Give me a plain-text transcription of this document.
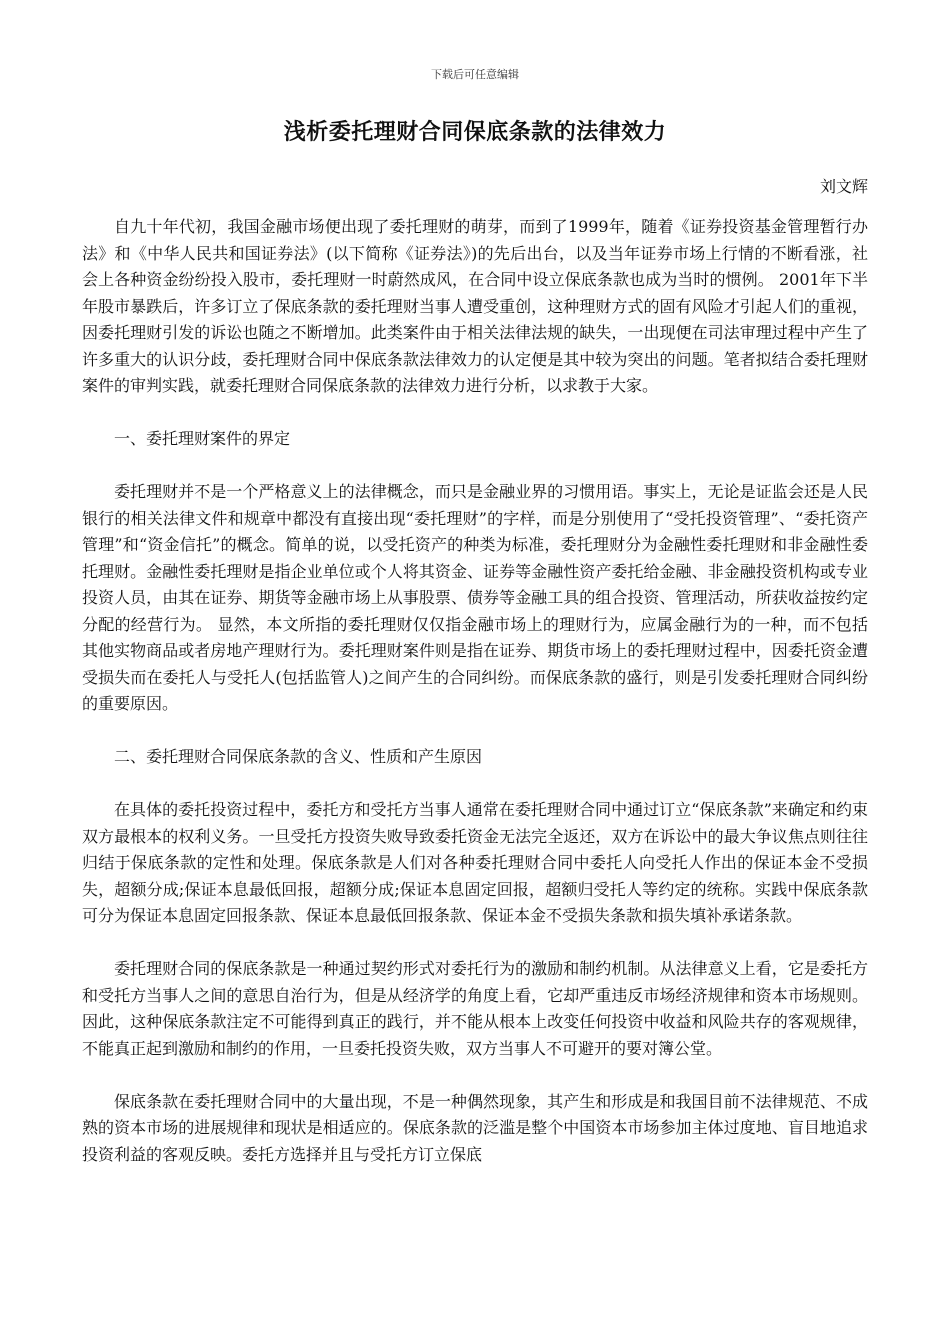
下载后可任意编辑
浅析委托理财合同保底条款的法律效力
刘文辉

自九十年代初，我国金融市场便出现了委托理财的萌芽，而到了1999年，随着《证券投资基金管理暂行办法》和《中华人民共和国证券法》(以下简称《证券法》)的先后出台，以及当年证券市场上行情的不断看涨，社会上各种资金纷纷投入股市，委托理财一时蔚然成风，在合同中设立保底条款也成为当时的惯例。 2001年下半年股市暴跌后，许多订立了保底条款的委托理财当事人遭受重创，这种理财方式的固有风险才引起人们的重视，因委托理财引发的诉讼也随之不断增加。此类案件由于相关法律法规的缺失，一出现便在司法审理过程中产生了许多重大的认识分歧，委托理财合同中保底条款法律效力的认定便是其中较为突出的问题。笔者拟结合委托理财案件的审判实践，就委托理财合同保底条款的法律效力进行分析，以求教于大家。

一、委托理财案件的界定

委托理财并不是一个严格意义上的法律概念，而只是金融业界的习惯用语。事实上，无论是证监会还是人民银行的相关法律文件和规章中都没有直接出现“委托理财”的字样，而是分别使用了“受托投资管理”、“委托资产管理”和“资金信托”的概念。简单的说，以受托资产的种类为标准，委托理财分为金融性委托理财和非金融性委托理财。金融性委托理财是指企业单位或个人将其资金、证券等金融性资产委托给金融、非金融投资机构或专业投资人员，由其在证券、期货等金融市场上从事股票、债券等金融工具的组合投资、管理活动，所获收益按约定分配的经营行为。 显然，本文所指的委托理财仅仅指金融市场上的理财行为，应属金融行为的一种，而不包括其他实物商品或者房地产理财行为。委托理财案件则是指在证券、期货市场上的委托理财过程中，因委托资金遭受损失而在委托人与受托人(包括监管人)之间产生的合同纠纷。而保底条款的盛行，则是引发委托理财合同纠纷的重要原因。

二、委托理财合同保底条款的含义、性质和产生原因

在具体的委托投资过程中，委托方和受托方当事人通常在委托理财合同中通过订立“保底条款”来确定和约束双方最根本的权利义务。一旦受托方投资失败导致委托资金无法完全返还，双方在诉讼中的最大争议焦点则往往归结于保底条款的定性和处理。保底条款是人们对各种委托理财合同中委托人向受托人作出的保证本金不受损失，超额分成;保证本息最低回报，超额分成;保证本息固定回报，超额归受托人等约定的统称。实践中保底条款可分为保证本息固定回报条款、保证本息最低回报条款、保证本金不受损失条款和损失填补承诺条款。

委托理财合同的保底条款是一种通过契约形式对委托行为的激励和制约机制。从法律意义上看，它是委托方和受托方当事人之间的意思自治行为，但是从经济学的角度上看，它却严重违反市场经济规律和资本市场规则。因此，这种保底条款注定不可能得到真正的践行，并不能从根本上改变任何投资中收益和风险共存的客观规律，不能真正起到激励和制约的作用，一旦委托投资失败，双方当事人不可避开的要对簿公堂。

保底条款在委托理财合同中的大量出现，不是一种偶然现象，其产生和形成是和我国目前不法律规范、不成熟的资本市场的进展规律和现状是相适应的。保底条款的泛滥是整个中国资本市场参加主体过度地、盲目地追求投资利益的客观反映。委托方选择并且与受托方订立保底
